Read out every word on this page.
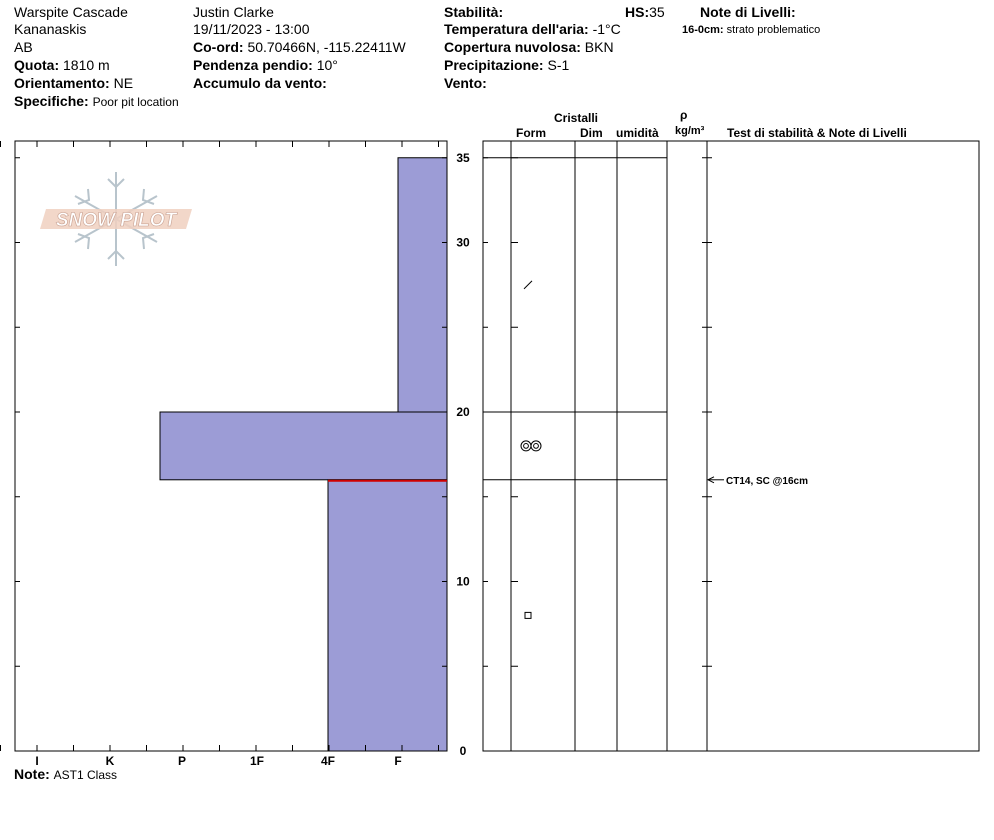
Warspite Cascade
Kananaskis
AB
Quota: 1810 m
Orientamento: NE
Specifiche: Poor pit location
Justin Clarke
19/11/2023 - 13:00
Co-ord: 50.70466N, -115.22411W
Pendenza pendio: 10°
Accumulo da vento:
Stabilità:	HS:35
Temperatura dell'aria: -1°C
Copertura nuvolosa: BKN
Precipitazione: S-1
Vento:
Note di Livelli:
16-0cm: strato problematico
Cristalli
Form	Dim umidità
ρ
kg/m³ Test di stabilità & Note di Livelli
Note: AST1 Class
SNOW PILOT
I	K	P	1F	4F	F
0
10
20
30
35
CT14, SC @16cm
